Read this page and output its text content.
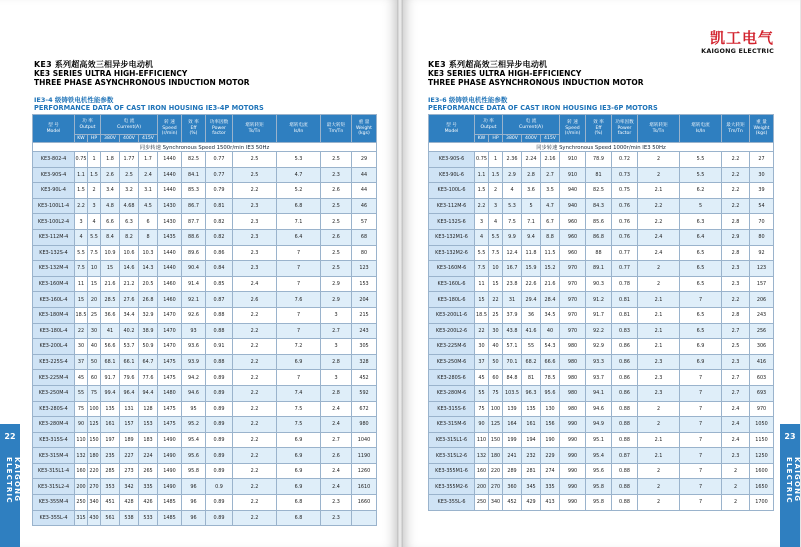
KE3 系列超高效三相异步电动机
KE3 SERIES ULTRA HIGH-EFFICIENCY
THREE PHASE ASYNCHRONOUS INDUCTION MOTOR
IE3-4 级铸铁电机性能参数
PERFORMANCE DATA OF CAST IRON HOUSING IE3-4P MOTORS
型 号
Model	功 率
Output		电 流
Current(A)			转 速
Speed
(r/min)	效 率
Eff
(%)	功率因数
Power
factor	堵转转矩
Ts/Tn	堵转电流
Is/In	最大转矩
Tm/Tn	重 量
Weight
(kgs)
	KW	HP	380V	400V	415V							
同步转速 Synchronous Speed 1500r/min IE3 50Hz												
KE3-802-4	0.75	1	1.8	1.77	1.7	1440	82.5	0.77	2.5	5.3	2.5	29
KE3-90S-4	1.1	1.5	2.6	2.5	2.4	1440	84.1	0.77	2.5	4.7	2.3	44
KE3-90L-4	1.5	2	3.4	3.2	3.1	1440	85.3	0.79	2.2	5.2	2.6	44
KE3-100L1-4	2.2	3	4.8	4.68	4.5	1430	86.7	0.81	2.3	6.8	2.5	46
KE3-100L2-4	3	4	6.6	6.3	6	1430	87.7	0.82	2.3	7.1	2.5	57
KE3-112M-4	4	5.5	8.4	8.2	8	1435	88.6	0.82	2.3	6.4	2.6	68
KE3-132S-4	5.5	7.5	10.9	10.6	10.3	1440	89.6	0.86	2.3	7	2.5	80
KE3-132M-4	7.5	10	15	14.6	14.3	1440	90.4	0.84	2.3	7	2.5	123
KE3-160M-4	11	15	21.6	21.2	20.5	1460	91.4	0.85	2.4	7	2.9	153
KE3-160L-4	15	20	28.5	27.6	26.8	1460	92.1	0.87	2.6	7.6	2.9	204
KE3-180M-4	18.5	25	36.6	34.4	32.9	1470	92.6	0.88	2.2	7	3	215
KE3-180L-4	22	30	41	40.2	38.9	1470	93	0.88	2.2	7	2.7	243
KE3-200L-4	30	40	56.6	53.7	50.9	1470	93.6	0.91	2.2	7.2	3	305
KE3-225S-4	37	50	68.1	66.1	64.7	1475	93.9	0.88	2.2	6.9	2.8	328
KE3-225M-4	45	60	91.7	79.6	77.6	1475	94.2	0.89	2.2	7	3	452
KE3-250M-4	55	75	99.4	96.4	94.4	1480	94.6	0.89	2.2	7.4	2.8	592
KE3-280S-4	75	100	135	131	128	1475	95	0.89	2.2	7.5	2.4	672
KE3-280M-4	90	125	161	157	153	1475	95.2	0.89	2.2	7.5	2.4	980
KE3-315S-4	110	150	197	189	183	1490	95.4	0.89	2.2	6.9	2.7	1040
KE3-315M-4	132	180	235	227	224	1490	95.6	0.89	2.2	6.9	2.6	1190
KE3-315L1-4	160	220	285	273	265	1490	95.8	0.89	2.2	6.9	2.4	1260
KE3-315L2-4	200	270	353	342	335	1490	96	0.9	2.2	6.9	2.4	1610
KE3-355M-4	250	340	451	428	426	1485	96	0.89	2.2	6.8	2.3	1660
KE3-355L-4	315	430	561	538	533	1485	96	0.89	2.2	6.8	2.3	
22
KAIGONG ELECTRIC
凯工电气
KAIGONG ELECTRIC
KE3 系列超高效三相异步电动机
KE3 SERIES ULTRA HIGH-EFFICIENCY
THREE PHASE ASYNCHRONOUS INDUCTION MOTOR
IE3-6 级铸铁电机性能参数
PERFORMANCE DATA OF CAST IRON HOUSING IE3-6P MOTORS
型 号
Model	功 率
Output		电 流
Current(A)			转 速
Speed
(r/min)	效 率
Eff
(%)	功率因数
Power
factor	堵转转矩
Ts/Tn	堵转电流
Is/In	最大转矩
Tm/Tn	重 量
Weight
(kgs)
	KW	HP	380V	400V	415V							
同步转速 Synchronous Speed 1000r/min IE3 50Hz												
KE3-90S-6	0.75	1	2.36	2.24	2.16	910	78.9	0.72	2	5.5	2.2	27
KE3-90L-6	1.1	1.5	2.9	2.8	2.7	910	81	0.73	2	5.5	2.2	30
KE3-100L-6	1.5	2	4	3.6	3.5	940	82.5	0.75	2.1	6.2	2.2	39
KE3-112M-6	2.2	3	5.3	5	4.7	940	84.3	0.76	2.2	5	2.2	54
KE3-132S-6	3	4	7.5	7.1	6.7	960	85.6	0.76	2.2	6.3	2.8	70
KE3-132M1-6	4	5.5	9.9	9.4	8.8	960	86.8	0.76	2.4	6.4	2.9	80
KE3-132M2-6	5.5	7.5	12.4	11.8	11.5	960	88	0.77	2.4	6.5	2.8	92
KE3-160M-6	7.5	10	16.7	15.9	15.2	970	89.1	0.77	2	6.5	2.3	123
KE3-160L-6	11	15	23.8	22.6	21.6	970	90.3	0.78	2	6.5	2.3	157
KE3-180L-6	15	22	31	29.4	28.4	970	91.2	0.81	2.1	7	2.2	206
KE3-200L1-6	18.5	25	37.9	36	34.5	970	91.7	0.81	2.1	6.5	2.8	243
KE3-200L2-6	22	30	43.8	41.6	40	970	92.2	0.83	2.1	6.5	2.7	256
KE3-225M-6	30	40	57.1	55	54.3	980	92.9	0.86	2.1	6.9	2.5	306
KE3-250M-6	37	50	70.1	68.2	66.6	980	93.3	0.86	2.3	6.9	2.3	416
KE3-280S-6	45	60	84.8	81	78.5	980	93.7	0.86	2.3	7	2.7	603
KE3-280M-6	55	75	103.5	96.3	95.6	980	94.1	0.86	2.3	7	2.7	693
KE3-315S-6	75	100	139	135	130	980	94.6	0.88	2	7	2.4	970
KE3-315M-6	90	125	164	161	156	990	94.9	0.88	2	7	2.4	1050
KE3-315L1-6	110	150	199	194	190	990	95.1	0.88	2.1	7	2.4	1150
KE3-315L2-6	132	180	241	232	229	990	95.4	0.87	2.1	7	2.3	1250
KE3-355M1-6	160	220	289	281	274	990	95.6	0.88	2	7	2	1600
KE3-355M2-6	200	270	360	345	335	990	95.8	0.88	2	7	2	1650
KE3-355L-6	250	340	452	429	413	990	95.8	0.88	2	7	2	1700
23
KAIGONG ELECTRIC
